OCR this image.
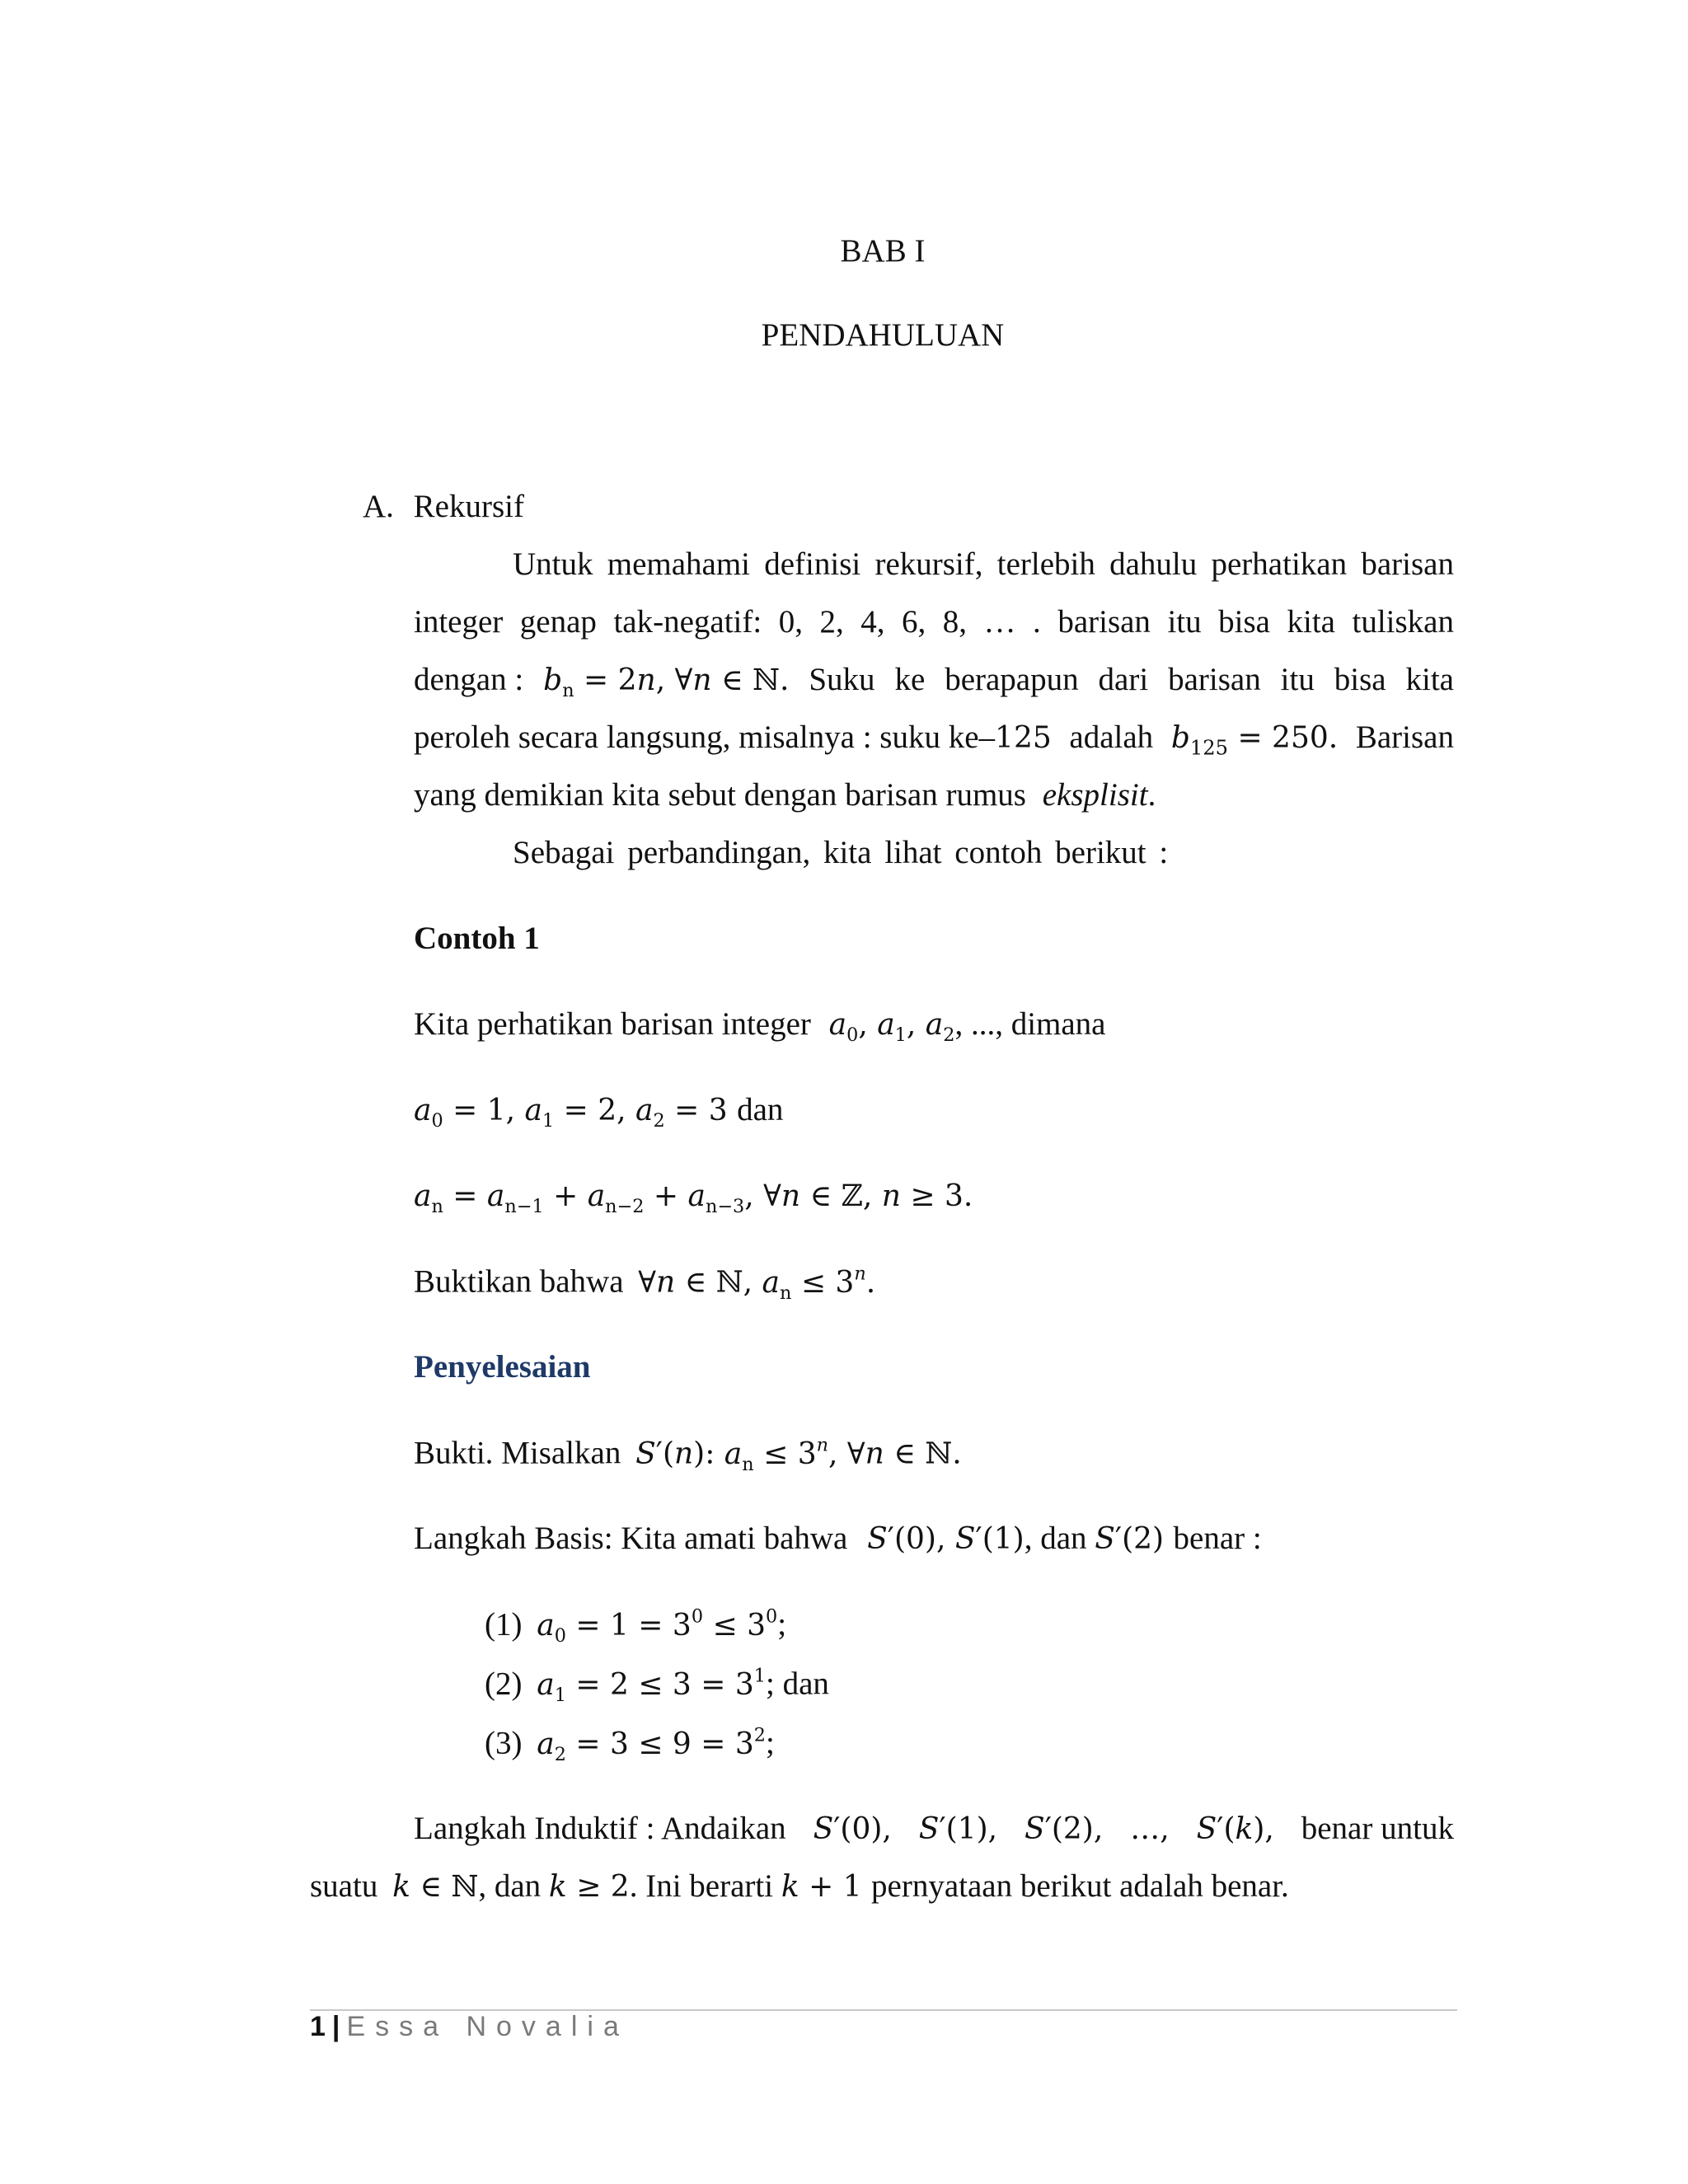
BAB I
PENDAHULUAN
A. Rekursif
Untuk memahami definisi rekursif, terlebih dahulu perhatikan barisan
integer genap tak-negatif: 0, 2, 4, 6, 8, … . barisan itu bisa kita tuliskan
dengan : $b_n = 2n$, ∀n ∈ ℕ. Suku ke berapapun dari barisan itu bisa kita
peroleh secara langsung, misalnya : suku ke–125 adalah $b_{125} = 250$. Barisan
yang demikian kita sebut dengan barisan rumus eksplisit.
Sebagai perbandingan, kita lihat contoh berikut :
Contoh 1
Kita perhatikan barisan integer $a_0$, $a_1$, $a_2$, ..., dimana
$a_0 = 1$, $a_1 = 2$, $a_2 = 3$ dan
$a_n = a_{n-1} + a_{n-2} + a_{n-3}$, ∀n ∈ ℤ, n ≥ 3.
Buktikan bahwa ∀n ∈ ℕ, $a_n \le 3^n$.
Penyelesaian
Bukti. Misalkan S′(n): $a_n \le 3^n$, ∀n ∈ ℕ.
Langkah Basis: Kita amati bahwa S′(0), S′(1), dan S′(2) benar :
(1) $a_0 = 1 = 3^0 \le 3^0$;
(2) $a_1 = 2 \le 3 = 3^1$; dan
(3) $a_2 = 3 \le 9 = 3^2$;
Langkah Induktif : Andaikan S′(0), S′(1), S′(2), …, S′(k), benar untuk
suatu k ∈ ℕ, dan k ≥ 2. Ini berarti k + 1 pernyataan berikut adalah benar.
1 | Essa Novalia
